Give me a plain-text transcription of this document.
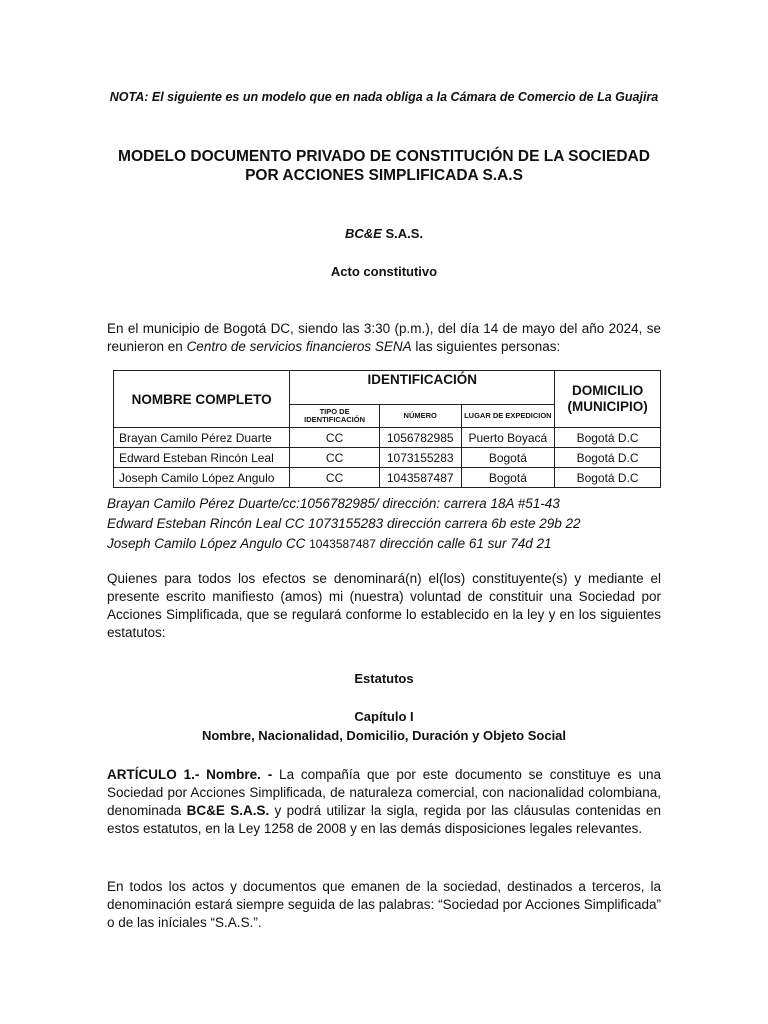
NOTA: El siguiente es un modelo que en nada obliga a la Cámara de Comercio de La Guajira
MODELO DOCUMENTO PRIVADO DE CONSTITUCIÓN DE LA SOCIEDAD
POR ACCIONES SIMPLIFICADA S.A.S
BC&E S.A.S.
Acto constitutivo
En el municipio de Bogotá DC, siendo las 3:30 (p.m.), del día 14 de mayo del año 2024, se reunieron en Centro de servicios financieros SENA las siguientes personas:
NOMBRE COMPLETO	IDENTIFICACIÓN			DOMICILIO (MUNICIPIO)
	TIPO DE IDENTIFICACIÓN	NÚMERO	LUGAR DE EXPEDICION	
Brayan Camilo Pérez Duarte	CC	1056782985	Puerto Boyacá	Bogotá D.C
Edward Esteban Rincón Leal	CC	1073155283	Bogotá	Bogotá D.C
Joseph Camilo López Angulo	CC	1043587487	Bogotá	Bogotá D.C
Brayan Camilo Pérez Duarte/cc:1056782985/ dirección: carrera 18A #51-43
Edward Esteban Rincón Leal CC 1073155283 dirección carrera 6b este 29b 22
Joseph Camilo López Angulo CC 1043587487 dirección calle 61 sur 74d 21
Quienes para todos los efectos se denominará(n) el(los) constituyente(s) y mediante el presente escrito manifiesto (amos) mi (nuestra) voluntad de constituir una Sociedad por Acciones Simplificada, que se regulará conforme lo establecido en la ley y en los siguientes estatutos:
Estatutos
Capítulo I
Nombre, Nacionalidad, Domicilio, Duración y Objeto Social
ARTÍCULO 1.- Nombre. - La compañía que por este documento se constituye es una Sociedad por Acciones Simplificada, de naturaleza comercial, con nacionalidad colombiana, denominada BC&E S.A.S. y podrá utilizar la sigla, regida por las cláusulas contenidas en estos estatutos, en la Ley 1258 de 2008 y en las demás disposiciones legales relevantes.
En todos los actos y documentos que emanen de la sociedad, destinados a terceros, la denominación estará siempre seguida de las palabras: “Sociedad por Acciones Simplificada” o de las iníciales “S.A.S.”.
